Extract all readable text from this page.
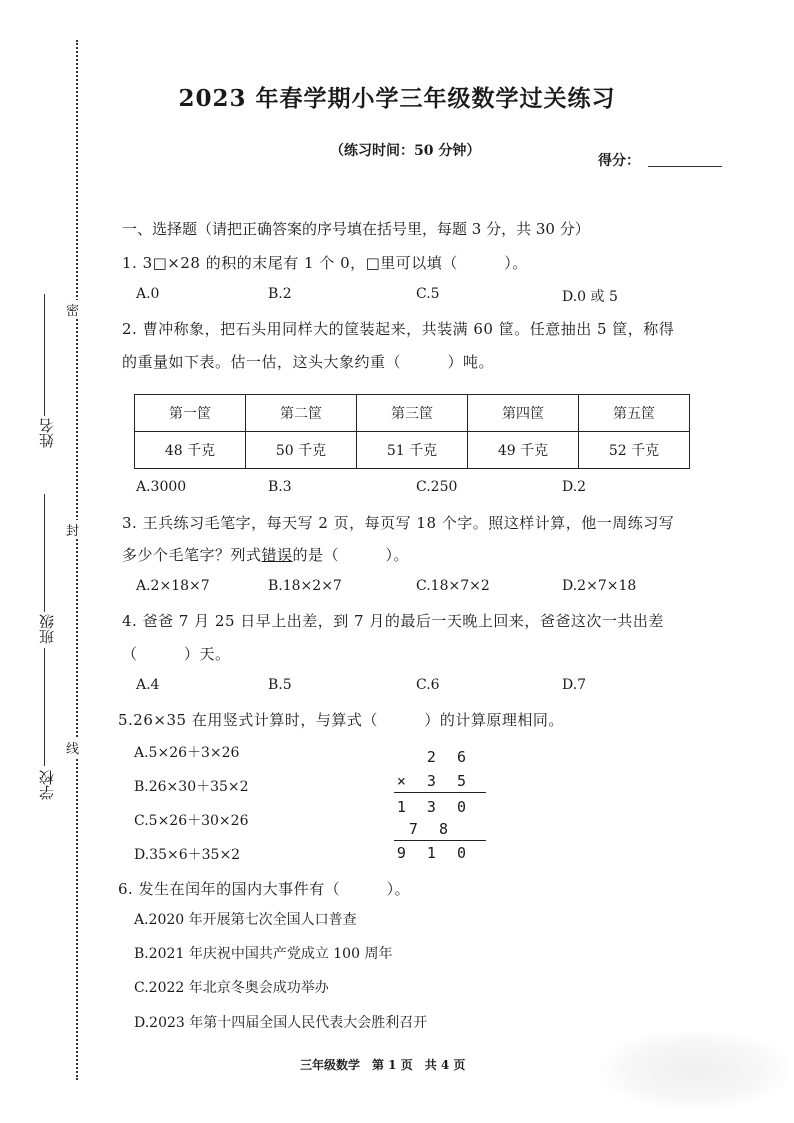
密
封
线
姓名
班级
学校
2023 年春学期小学三年级数学过关练习
（练习时间：50 分钟）
得分：
一、选择题（请把正确答案的序号填在括号里，每题 3 分，共 30 分）
1. 3□×28 的积的末尾有 1 个 0，□里可以填（　　　）。
A.0	B.2	C.5	D.0 或 5
2. 曹冲称象，把石头用同样大的筐装起来，共装满 60 筐。任意抽出 5 筐，称得
的重量如下表。估一估，这头大象约重（　　　）吨。
第一筐	第二筐	第三筐	第四筐	第五筐
48 千克	50 千克	51 千克	49 千克	52 千克
A.3000	B.3	C.250	D.2
3. 王兵练习毛笔字，每天写 2 页，每页写 18 个字。照这样计算，他一周练习写
多少个毛笔字？列式错误的是（　　　）。
A.2×18×7	B.18×2×7	C.18×7×2	D.2×7×18
4. 爸爸 7 月 25 日早上出差，到 7 月的最后一天晚上回来，爸爸这次一共出差
（　　　）天。
A.4	B.5	C.6	D.7
5.26×35 在用竖式计算时，与算式（　　　）的计算原理相同。
A.5×26＋3×26
B.26×30＋35×2
C.5×26＋30×26
D.35×6＋35×2
2 6
× 3 5
1 3 0
7 8
9 1 0
6. 发生在闰年的国内大事件有（　　　）。
A.2020 年开展第七次全国人口普查
B.2021 年庆祝中国共产党成立 100 周年
C.2022 年北京冬奥会成功举办
D.2023 年第十四届全国人民代表大会胜利召开
三年级数学　第 1 页　共 4 页
